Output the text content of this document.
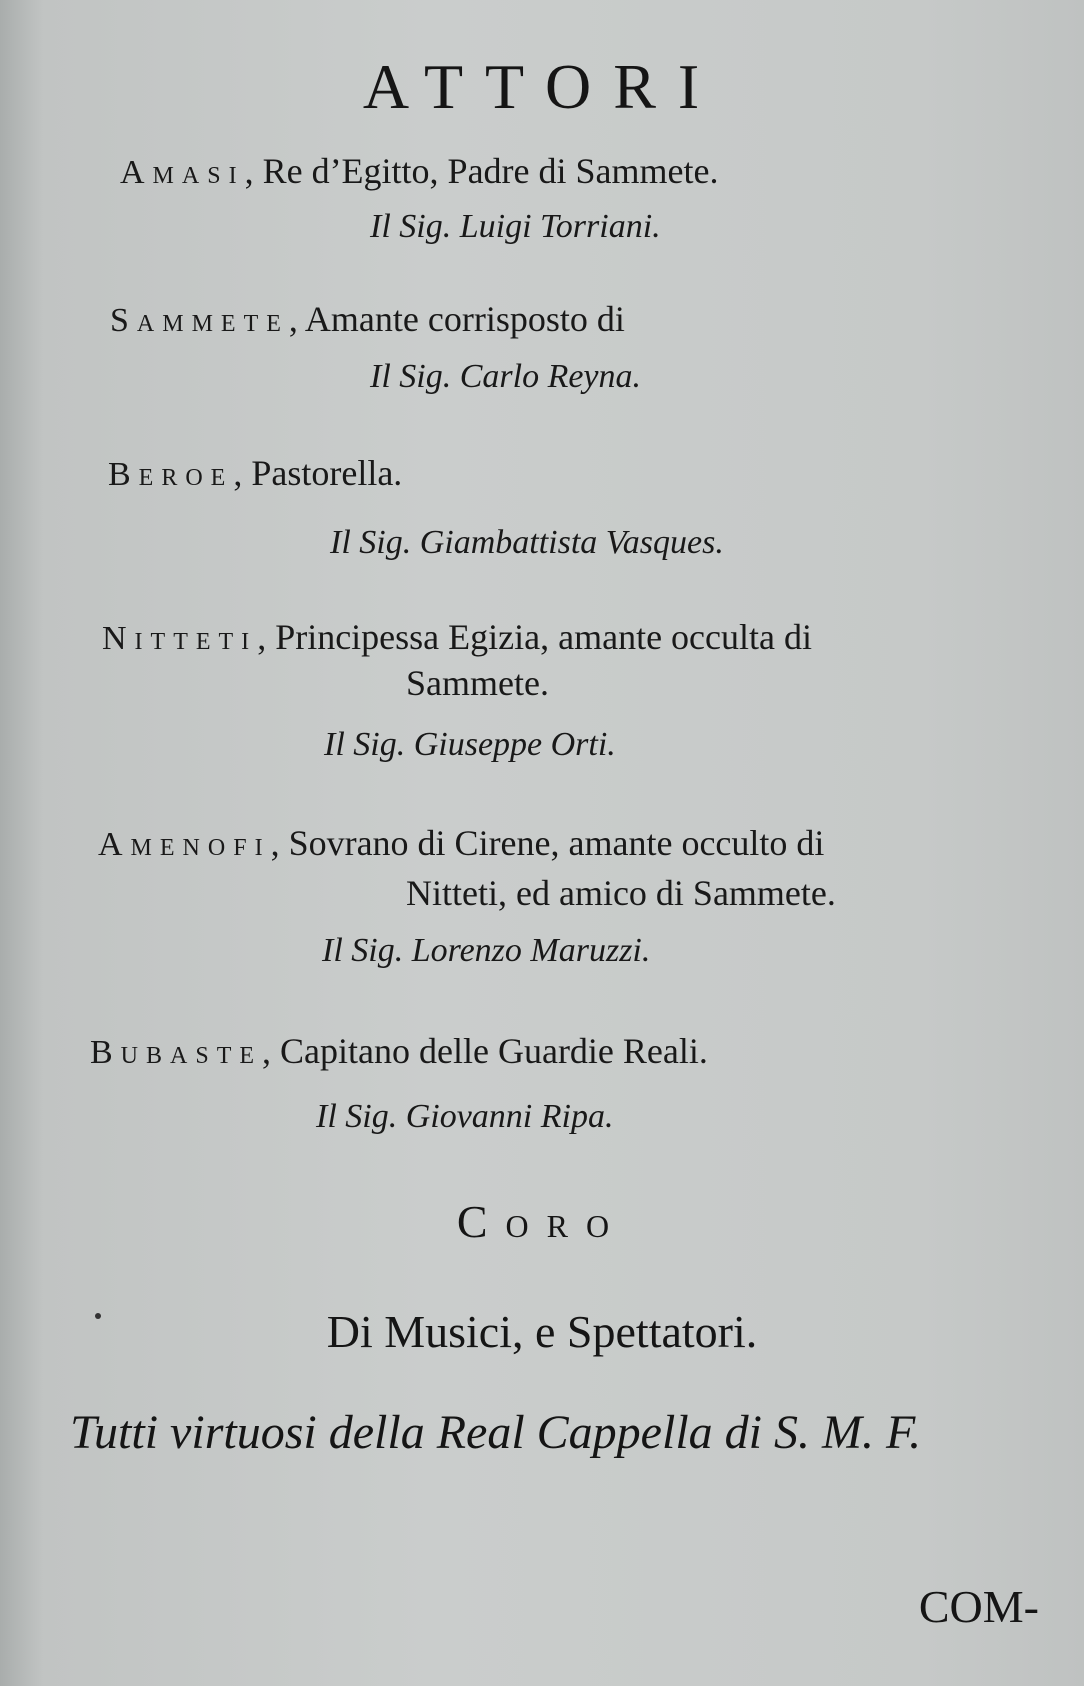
ATTORI
Amasi, Re d’Egitto, Padre di Sammete.
Il Sig. Luigi Torriani.
Sammete, Amante corrisposto di
Il Sig. Carlo Reyna.
Beroe, Pastorella.
Il Sig. Giambattista Vasques.
Nitteti, Principessa Egizia, amante occulta di
Sammete.
Il Sig. Giuseppe Orti.
Amenofi, Sovrano di Cirene, amante occulto di
Nitteti, ed amico di Sammete.
Il Sig. Lorenzo Maruzzi.
Bubaste, Capitano delle Guardie Reali.
Il Sig. Giovanni Ripa.
Coro
Di Musici, e Spettatori.
Tutti virtuosi della Real Cappella di S. M. F.
COM-
